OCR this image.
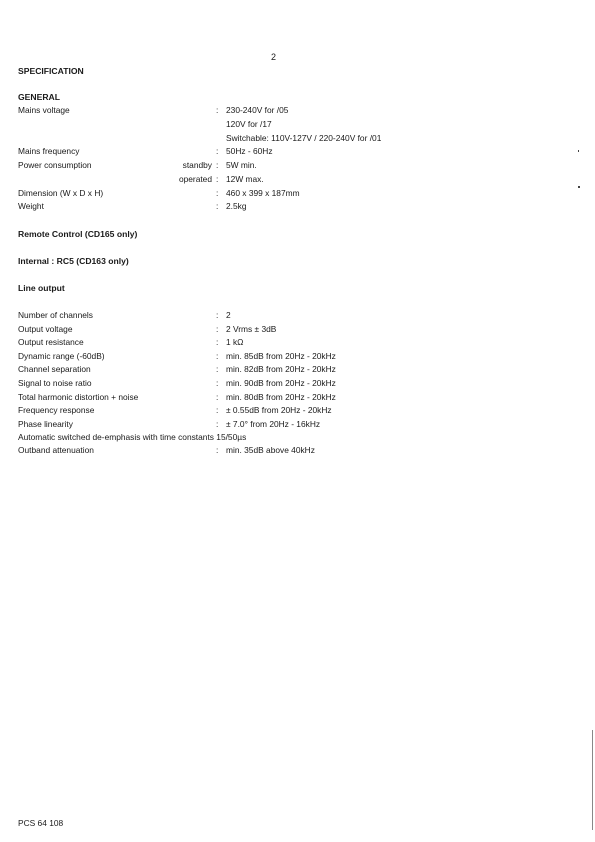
2
SPECIFICATION
GENERAL
Mains voltage	: 230-240V for /05
120V for /17
Switchable: 110V-127V / 220-240V for /01
Mains frequency	: 50Hz - 60Hz
Power consumption	standby : 5W min.
operated : 12W max.
Dimension (W x D x H)	: 460 x 399 x 187mm
Weight	: 2.5kg
Remote Control (CD165 only)
Internal : RC5 (CD163 only)
Line output
Number of channels	: 2
Output voltage	: 2 Vrms ± 3dB
Output resistance	: 1 kΩ
Dynamic range (-60dB)	: min. 85dB from 20Hz - 20kHz
Channel separation	: min. 82dB from 20Hz - 20kHz
Signal to noise ratio	: min. 90dB from 20Hz - 20kHz
Total harmonic distortion + noise	: min. 80dB from 20Hz - 20kHz
Frequency response	: ± 0.55dB from 20Hz - 20kHz
Phase linearity	: ± 7.0° from 20Hz - 16kHz
Automatic switched de-emphasis with time constants 15/50µs
Outband attenuation	: min. 35dB above 40kHz
PCS 64 108
